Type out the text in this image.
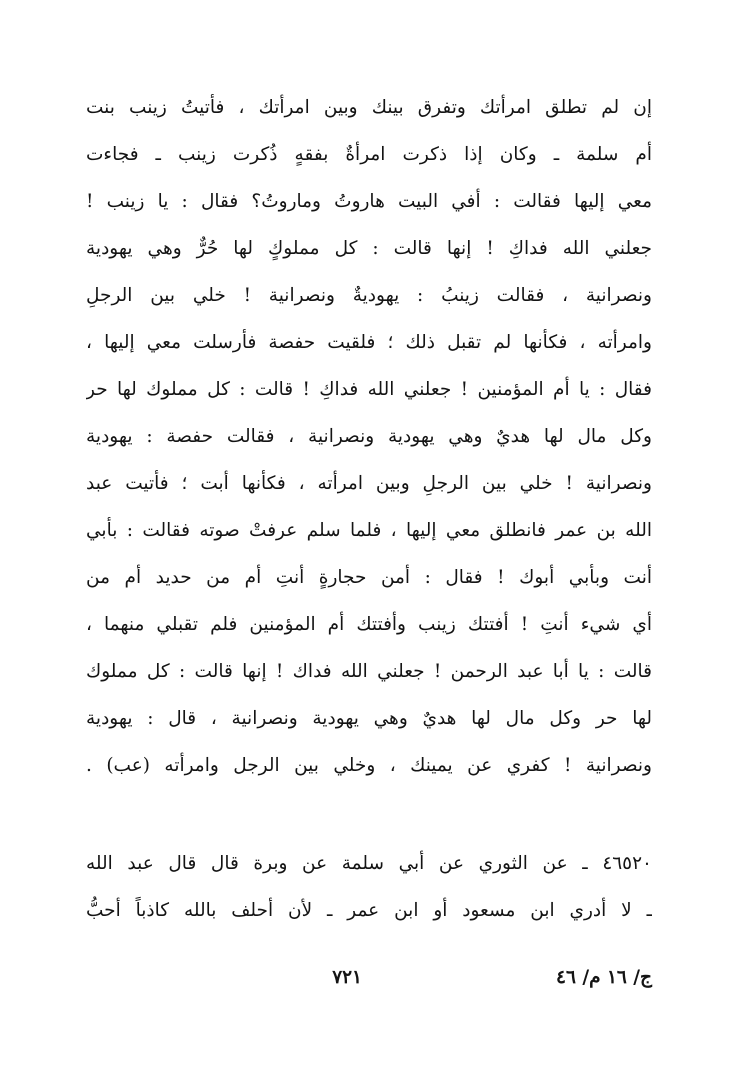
إن لم تطلق امرأتك وتفرق بينك وبين امرأتك ، فأتيتُ زينب بنت
أم سلمة ـ وكان إذا ذكرت امرأةٌ بفقهٍ ذُكرت زينب ـ فجاءت
معي إليها فقالت : أفي البيت هاروتُ وماروتُ؟ فقال : يا زينب !
جعلني الله فداكِ ! إنها قالت : كل مملوكٍ لها حُرٌّ وهي يهودية
ونصرانية ، فقالت زينبُ : يهوديةٌ ونصرانية ! خلي بين الرجلِ
وامرأته ، فكأنها لم تقبل ذلك ؛ فلقيت حفصة فأرسلت معي إليها ،
فقال : يا أم المؤمنين ! جعلني الله فداكِ ! قالت : كل مملوك لها حر
وكل مال لها هديٌ وهي يهودية ونصرانية ، فقالت حفصة : يهودية
ونصرانية ! خلي بين الرجلِ وبين امرأته ، فكأنها أبت ؛ فأتيت عبد
الله بن عمر فانطلق معي إليها ، فلما سلم عرفتْ صوته فقالت : بأبي
أنت وبأبي أبوك ! فقال : أمن حجارةٍ أنتِ أم من حديد أم من
أي شيء أنتِ ! أفتتك زينب وأفتتك أم المؤمنين فلم تقبلي منهما ،
قالت : يا أبا عبد الرحمن ! جعلني الله فداك ! إنها قالت : كل مملوك
لها حر وكل مال لها هديٌ وهي يهودية ونصرانية ، قال : يهودية
ونصرانية ! كفري عن يمينك ، وخلي بين الرجل وامرأته (عب) .
٤٦٥٢٠ ـ عن الثوري عن أبي سلمة عن وبرة قال قال عبد الله
ـ لا أدري ابن مسعود أو ابن عمر ـ لأن أحلف بالله كاذباً أحبُّ
ج/ ١٦ م/ ٤٦
٧٢١
